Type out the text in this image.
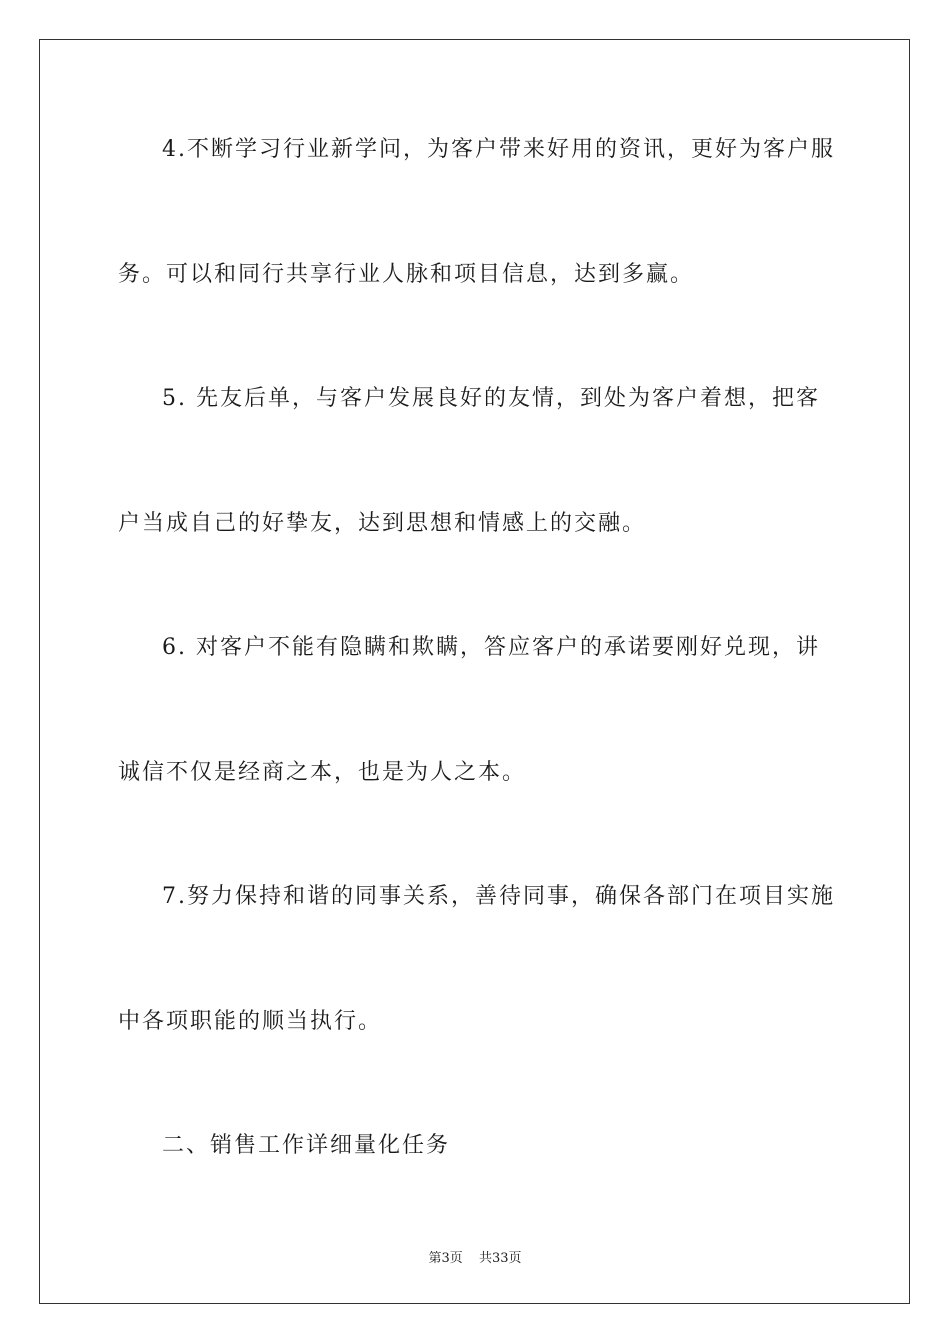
4.不断学习行业新学问，为客户带来好用的资讯，更好为客户服
务。可以和同行共享行业人脉和项目信息，达到多赢。
5. 先友后单，与客户发展良好的友情，到处为客户着想，把客
户当成自己的好挚友，达到思想和情感上的交融。
6. 对客户不能有隐瞒和欺瞒，答应客户的承诺要刚好兑现，讲
诚信不仅是经商之本，也是为人之本。
7.努力保持和谐的同事关系，善待同事，确保各部门在项目实施
中各项职能的顺当执行。
二、销售工作详细量化任务
第3页 共33页
